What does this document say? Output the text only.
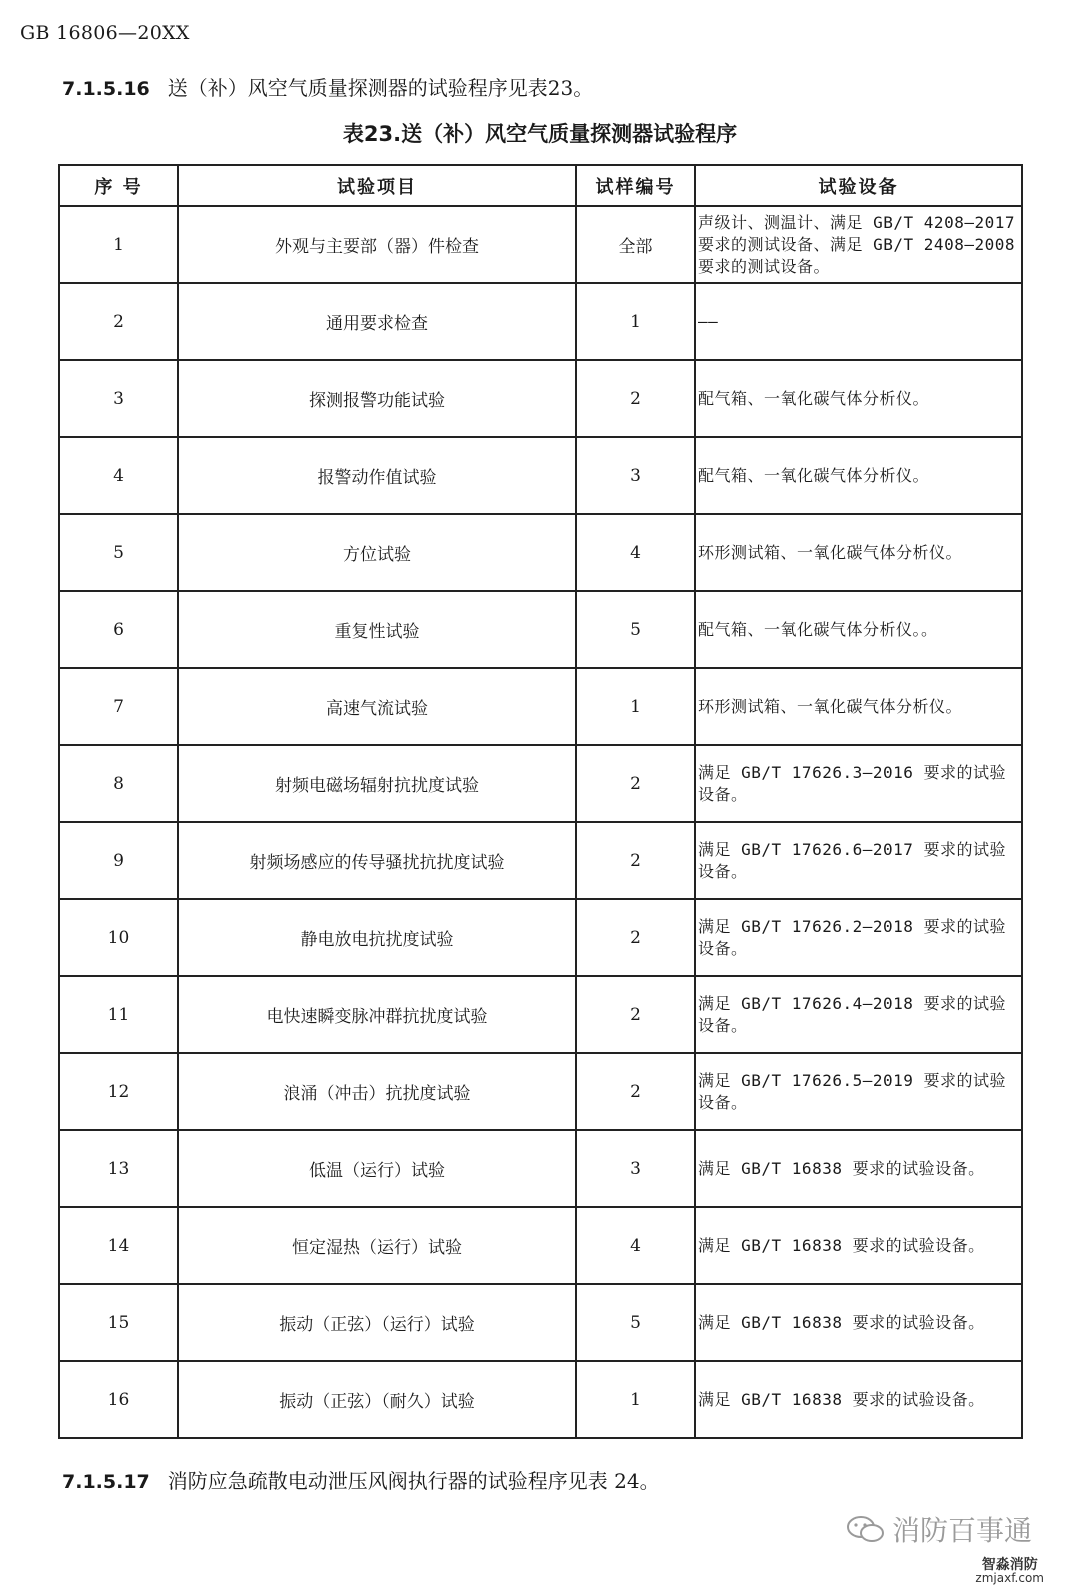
GB 16806—20XX
7.1.5.16 送（补）风空气质量探测器的试验程序见表23。
表23.送（补）风空气质量探测器试验程序
序 号	试验项目	试样编号	试验设备
1	外观与主要部（器）件检查	全部	声级计、测温计、满足 GB/T 4208—2017 要求的测试设备、满足 GB/T 2408—2008 要求的测试设备。
2	通用要求检查	1	——
3	探测报警功能试验	2	配气箱、一氧化碳气体分析仪。
4	报警动作值试验	3	配气箱、一氧化碳气体分析仪。
5	方位试验	4	环形测试箱、一氧化碳气体分析仪。
6	重复性试验	5	配气箱、一氧化碳气体分析仪。。
7	高速气流试验	1	环形测试箱、一氧化碳气体分析仪。
8	射频电磁场辐射抗扰度试验	2	满足 GB/T 17626.3—2016 要求的试验设备。
9	射频场感应的传导骚扰抗扰度试验	2	满足 GB/T 17626.6—2017 要求的试验设备。
10	静电放电抗扰度试验	2	满足 GB/T 17626.2—2018 要求的试验设备。
11	电快速瞬变脉冲群抗扰度试验	2	满足 GB/T 17626.4—2018 要求的试验设备。
12	浪涌（冲击）抗扰度试验	2	满足 GB/T 17626.5—2019 要求的试验设备。
13	低温（运行）试验	3	满足 GB/T 16838 要求的试验设备。
14	恒定湿热（运行）试验	4	满足 GB/T 16838 要求的试验设备。
15	振动（正弦）（运行）试验	5	满足 GB/T 16838 要求的试验设备。
16	振动（正弦）（耐久）试验	1	满足 GB/T 16838 要求的试验设备。
7.1.5.17 消防应急疏散电动泄压风阀执行器的试验程序见表 24。
消防百事通
智淼消防
zmjaxf.com
